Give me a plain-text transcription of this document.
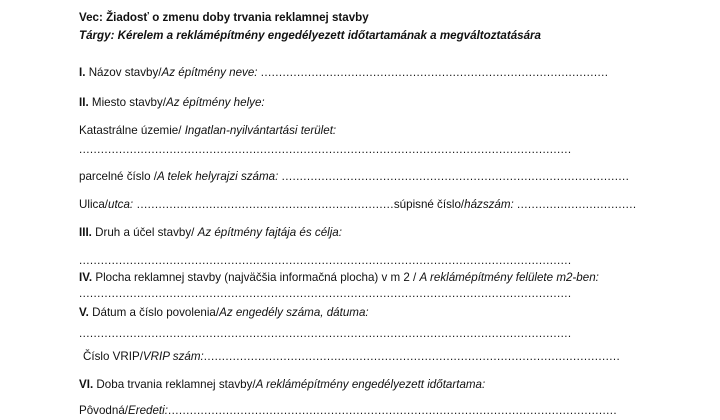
Vec: Žiadosť o zmenu doby trvania reklamnej stavby
Tárgy: Kérelem a reklámépítmény engedélyezett időtartamának a megváltoztatására
I. Názov stavby/Az építmény neve: ................................................................................................
II. Miesto stavby/Az építmény helye:
Katastrálne územie/ Ingatlan-nyilvántartási terület:
........................................................................................................................................
parcelné číslo /A telek helyrajzi száma: ................................................................................................
Ulica/utca: .......................................................................súpisné číslo/házszám: .................................
III. Druh a účel stavby/ Az építmény fajtája és célja:
........................................................................................................................................
IV. Plocha reklamnej stavby (najväčšia informačná plocha) v m 2 / A reklámépítmény felülete m2-ben:
........................................................................................................................................
V. Dátum a číslo povolenia/Az engedély száma, dátuma:
........................................................................................................................................
Číslo VRIP/VRIP szám:...................................................................................................................
VI. Doba trvania reklamnej stavby/A reklámépítmény engedélyezett időtartama:
Pôvodná/Eredeti:............................................................................................................................
